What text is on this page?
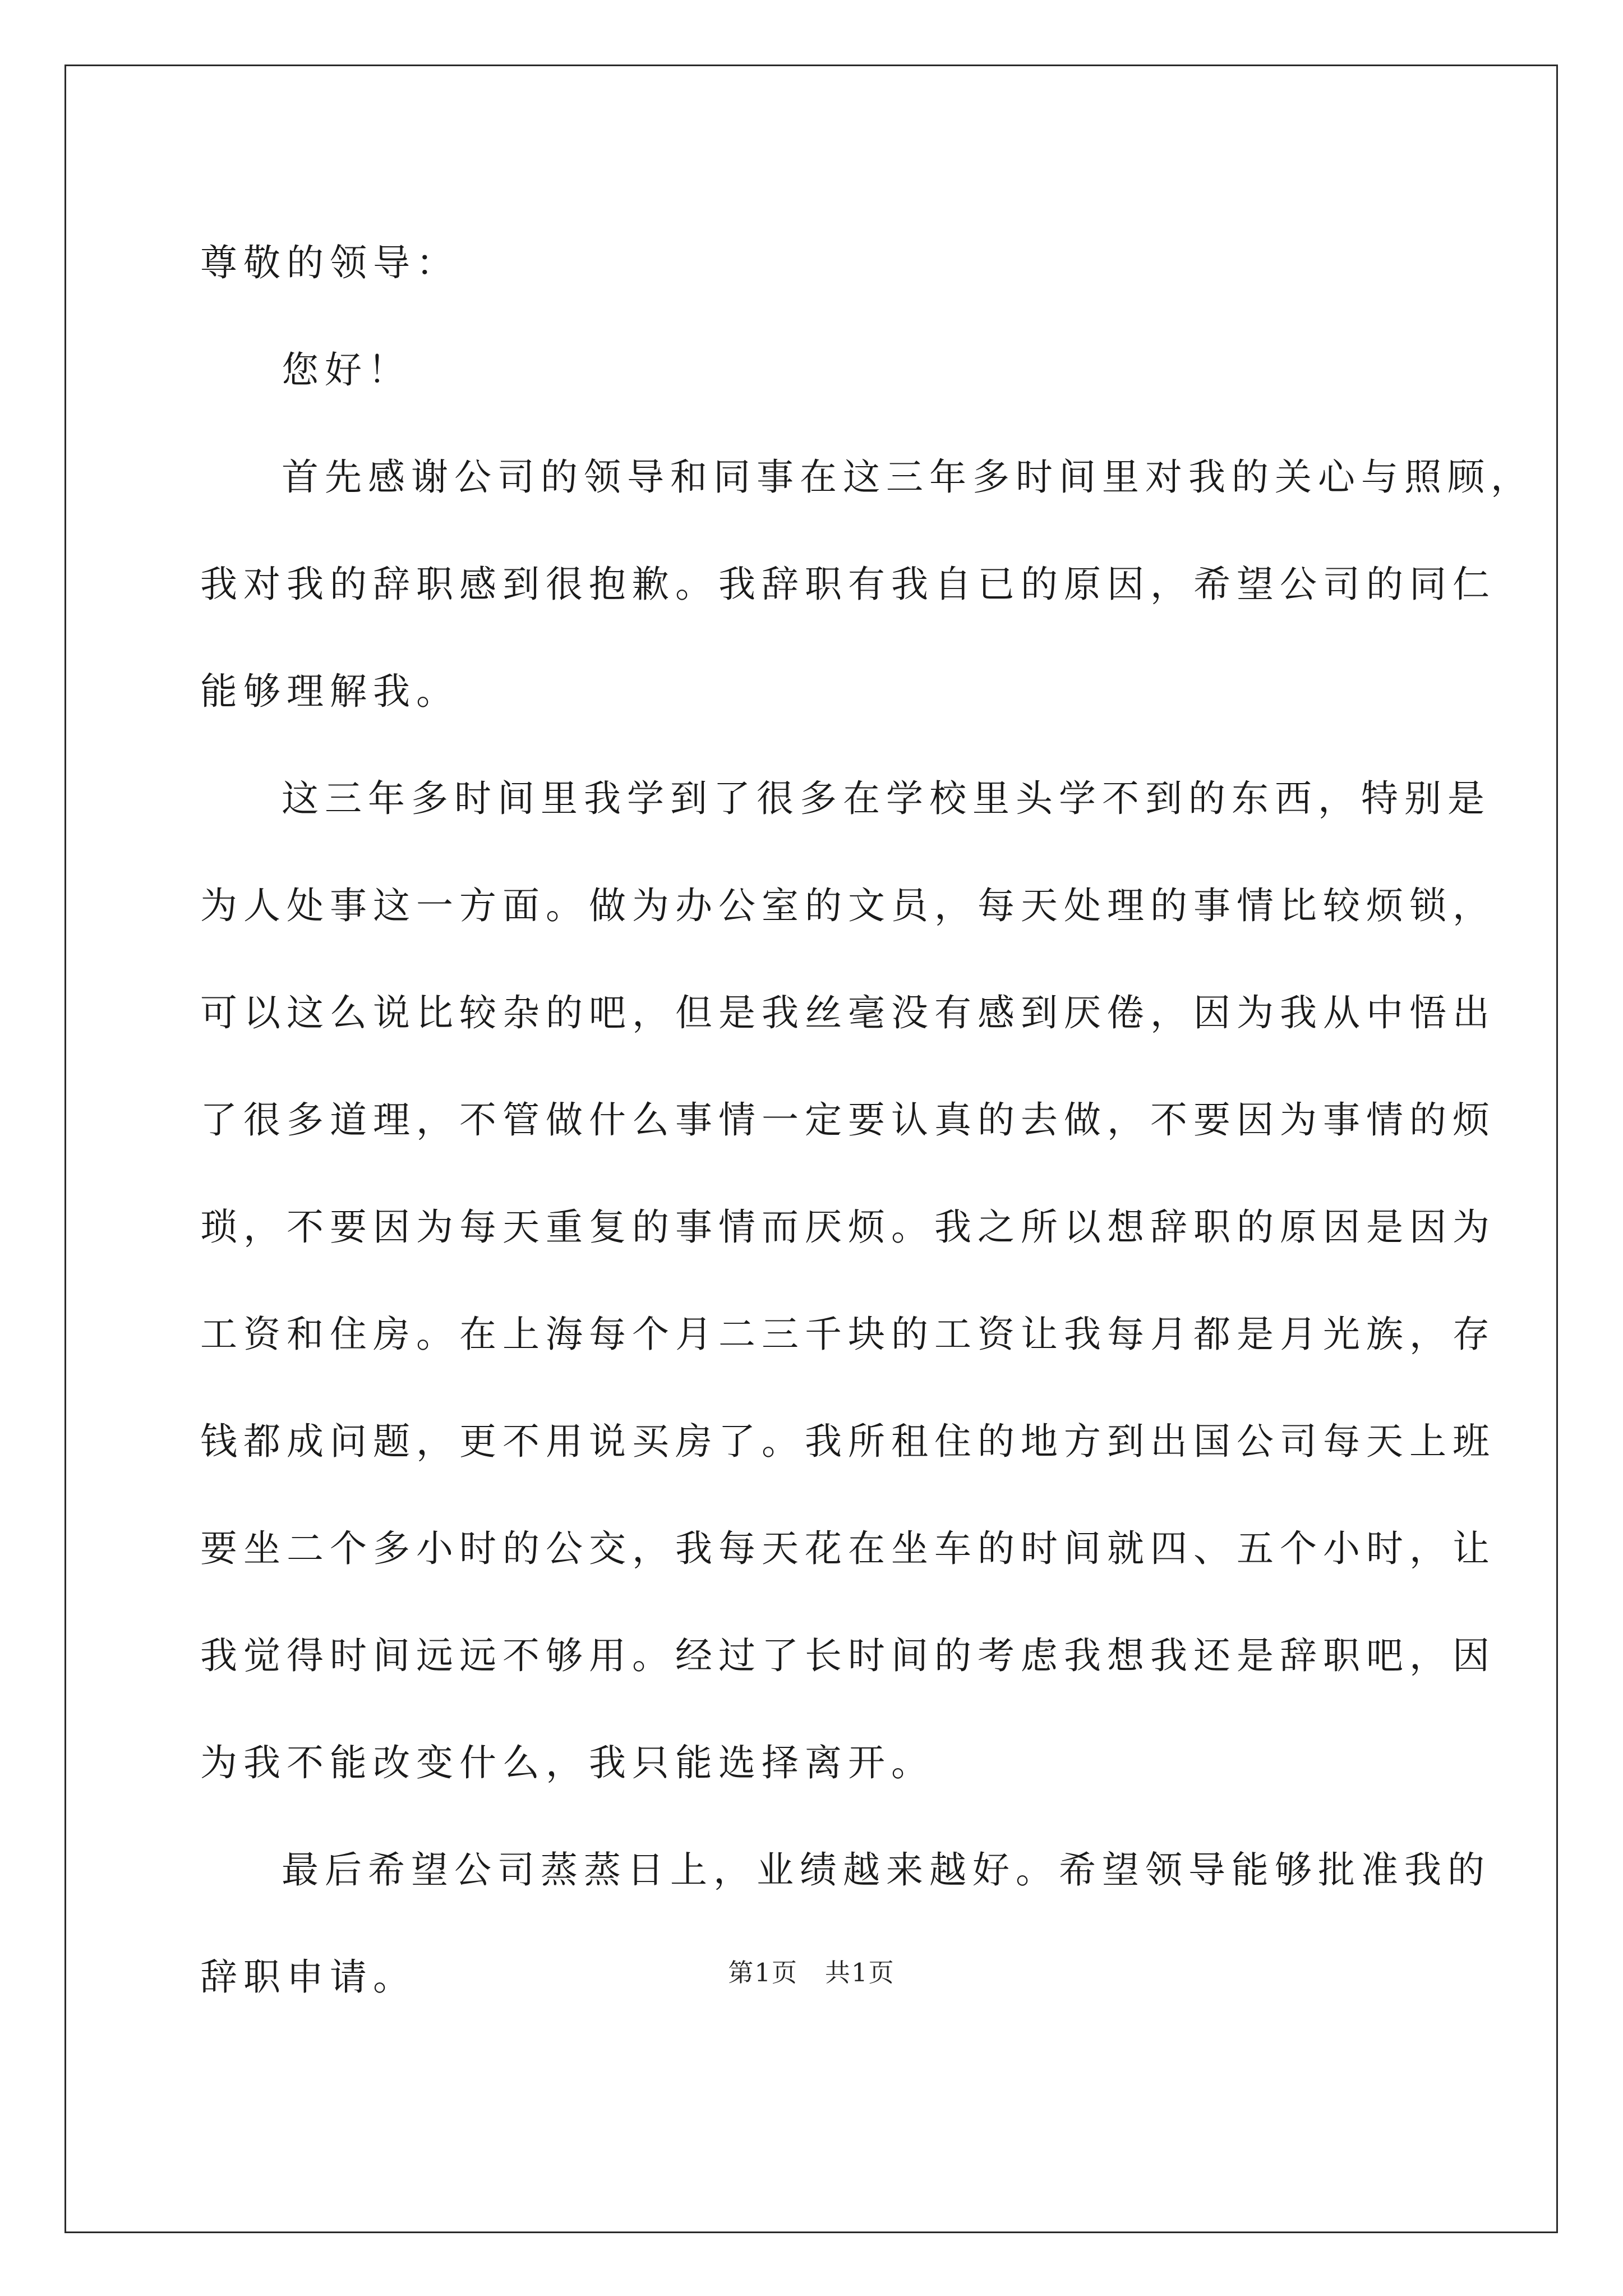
尊敬的领导：
您好！
首先感谢公司的领导和同事在这三年多时间里对我的关心与照顾，
我对我的辞职感到很抱歉。我辞职有我自已的原因，希望公司的同仁
能够理解我。
这三年多时间里我学到了很多在学校里头学不到的东西，特别是
为人处事这一方面。做为办公室的文员，每天处理的事情比较烦锁，
可以这么说比较杂的吧，但是我丝毫没有感到厌倦，因为我从中悟出
了很多道理，不管做什么事情一定要认真的去做，不要因为事情的烦
琐，不要因为每天重复的事情而厌烦。我之所以想辞职的原因是因为
工资和住房。在上海每个月二三千块的工资让我每月都是月光族，存
钱都成问题，更不用说买房了。我所租住的地方到出国公司每天上班
要坐二个多小时的公交，我每天花在坐车的时间就四、五个小时，让
我觉得时间远远不够用。经过了长时间的考虑我想我还是辞职吧，因
为我不能改变什么，我只能选择离开。
最后希望公司蒸蒸日上，业绩越来越好。希望领导能够批准我的
辞职申请。	第1页 共1页
